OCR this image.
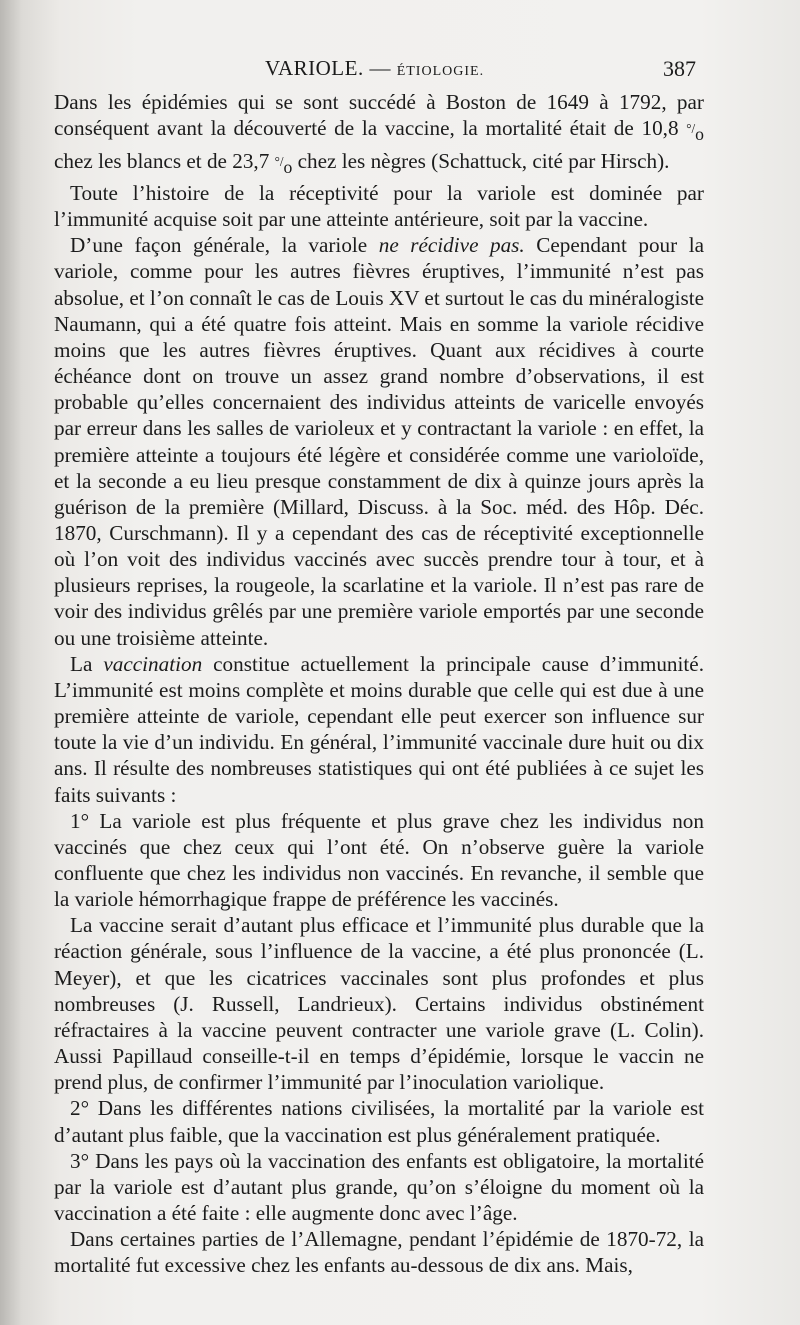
VARIOLE. — ÉTIOLOGIE.	387

Dans les épidémies qui se sont succédé à Boston de 1649 à 1792, par conséquent avant la découverté de la vaccine, la mortalité était de 10,8 °/$_o$ chez les blancs et de 23,7 °/$_o$ chez les nègres (Schattuck, cité par Hirsch).

Toute l’histoire de la réceptivité pour la variole est dominée par l’immunité acquise soit par une atteinte antérieure, soit par la vaccine.

D’une façon générale, la variole ne récidive pas. Cependant pour la variole, comme pour les autres fièvres éruptives, l’immunité n’est pas absolue, et l’on connaît le cas de Louis XV et surtout le cas du minéralogiste Naumann, qui a été quatre fois atteint. Mais en somme la variole récidive moins que les autres fièvres éruptives. Quant aux récidives à courte échéance dont on trouve un assez grand nombre d’observations, il est probable qu’elles concernaient des individus atteints de varicelle envoyés par erreur dans les salles de varioleux et y contractant la variole : en effet, la première atteinte a toujours été légère et considérée comme une varioloïde, et la seconde a eu lieu presque constamment de dix à quinze jours après la guérison de la première (Millard, Discuss. à la Soc. méd. des Hôp. Déc. 1870, Curschmann). Il y a cependant des cas de réceptivité exceptionnelle où l’on voit des individus vaccinés avec succès prendre tour à tour, et à plusieurs reprises, la rougeole, la scarlatine et la variole. Il n’est pas rare de voir des individus grêlés par une première variole emportés par une seconde ou une troisième atteinte.

La vaccination constitue actuellement la principale cause d’immunité. L’immunité est moins complète et moins durable que celle qui est due à une première atteinte de variole, cependant elle peut exercer son influence sur toute la vie d’un individu. En général, l’immunité vaccinale dure huit ou dix ans. Il résulte des nombreuses statistiques qui ont été publiées à ce sujet les faits suivants :

1° La variole est plus fréquente et plus grave chez les individus non vaccinés que chez ceux qui l’ont été. On n’observe guère la variole confluente que chez les individus non vaccinés. En revanche, il semble que la variole hémorrhagique frappe de préférence les vaccinés.

La vaccine serait d’autant plus efficace et l’immunité plus durable que la réaction générale, sous l’influence de la vaccine, a été plus prononcée (L. Meyer), et que les cicatrices vaccinales sont plus profondes et plus nombreuses (J. Russell, Landrieux). Certains individus obstinément réfractaires à la vaccine peuvent contracter une variole grave (L. Colin). Aussi Papillaud conseille-t-il en temps d’épidémie, lorsque le vaccin ne prend plus, de confirmer l’immunité par l’inoculation variolique.

2° Dans les différentes nations civilisées, la mortalité par la variole est d’autant plus faible, que la vaccination est plus généralement pratiquée.

3° Dans les pays où la vaccination des enfants est obligatoire, la mortalité par la variole est d’autant plus grande, qu’on s’éloigne du moment où la vaccination a été faite : elle augmente donc avec l’âge.

Dans certaines parties de l’Allemagne, pendant l’épidémie de 1870-72, la mortalité fut excessive chez les enfants au-dessous de dix ans. Mais,
